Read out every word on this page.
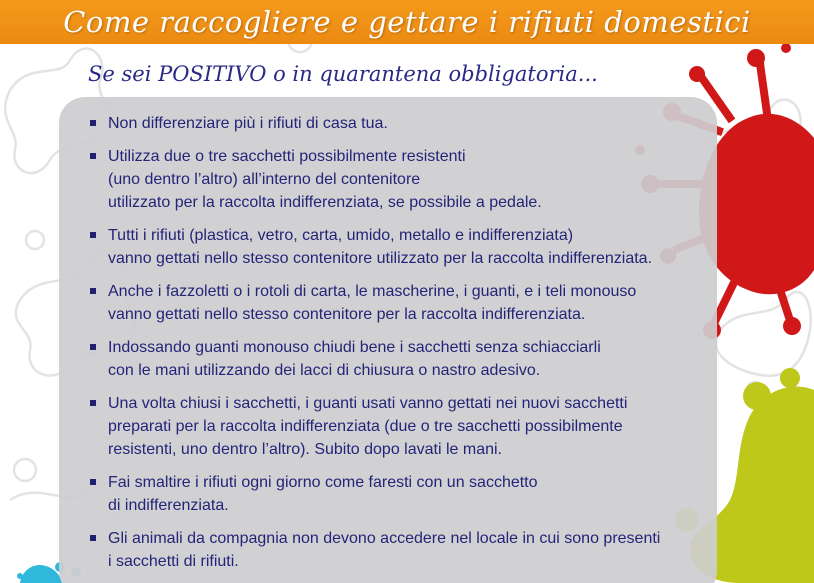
Come raccogliere e gettare i rifiuti domestici
Se sei POSITIVO o in quarantena obbligatoria...
Non differenziare più i rifiuti di casa tua.
Utilizza due o tre sacchetti possibilmente resistenti
(uno dentro l’altro) all’interno del contenitore
utilizzato per la raccolta indifferenziata, se possibile a pedale.
Tutti i rifiuti (plastica, vetro, carta, umido, metallo e indifferenziata)
vanno gettati nello stesso contenitore utilizzato per la raccolta indifferenziata.
Anche i fazzoletti o i rotoli di carta, le mascherine, i guanti, e i teli monouso
vanno gettati nello stesso contenitore per la raccolta indifferenziata.
Indossando guanti monouso chiudi bene i sacchetti senza schiacciarli
con le mani utilizzando dei lacci di chiusura o nastro adesivo.
Una volta chiusi i sacchetti, i guanti usati vanno gettati nei nuovi sacchetti
preparati per la raccolta indifferenziata (due o tre sacchetti possibilmente
resistenti, uno dentro l’altro). Subito dopo lavati le mani.
Fai smaltire i rifiuti ogni giorno come faresti con un sacchetto
di indifferenziata.
Gli animali da compagnia non devono accedere nel locale in cui sono presenti
i sacchetti di rifiuti.
